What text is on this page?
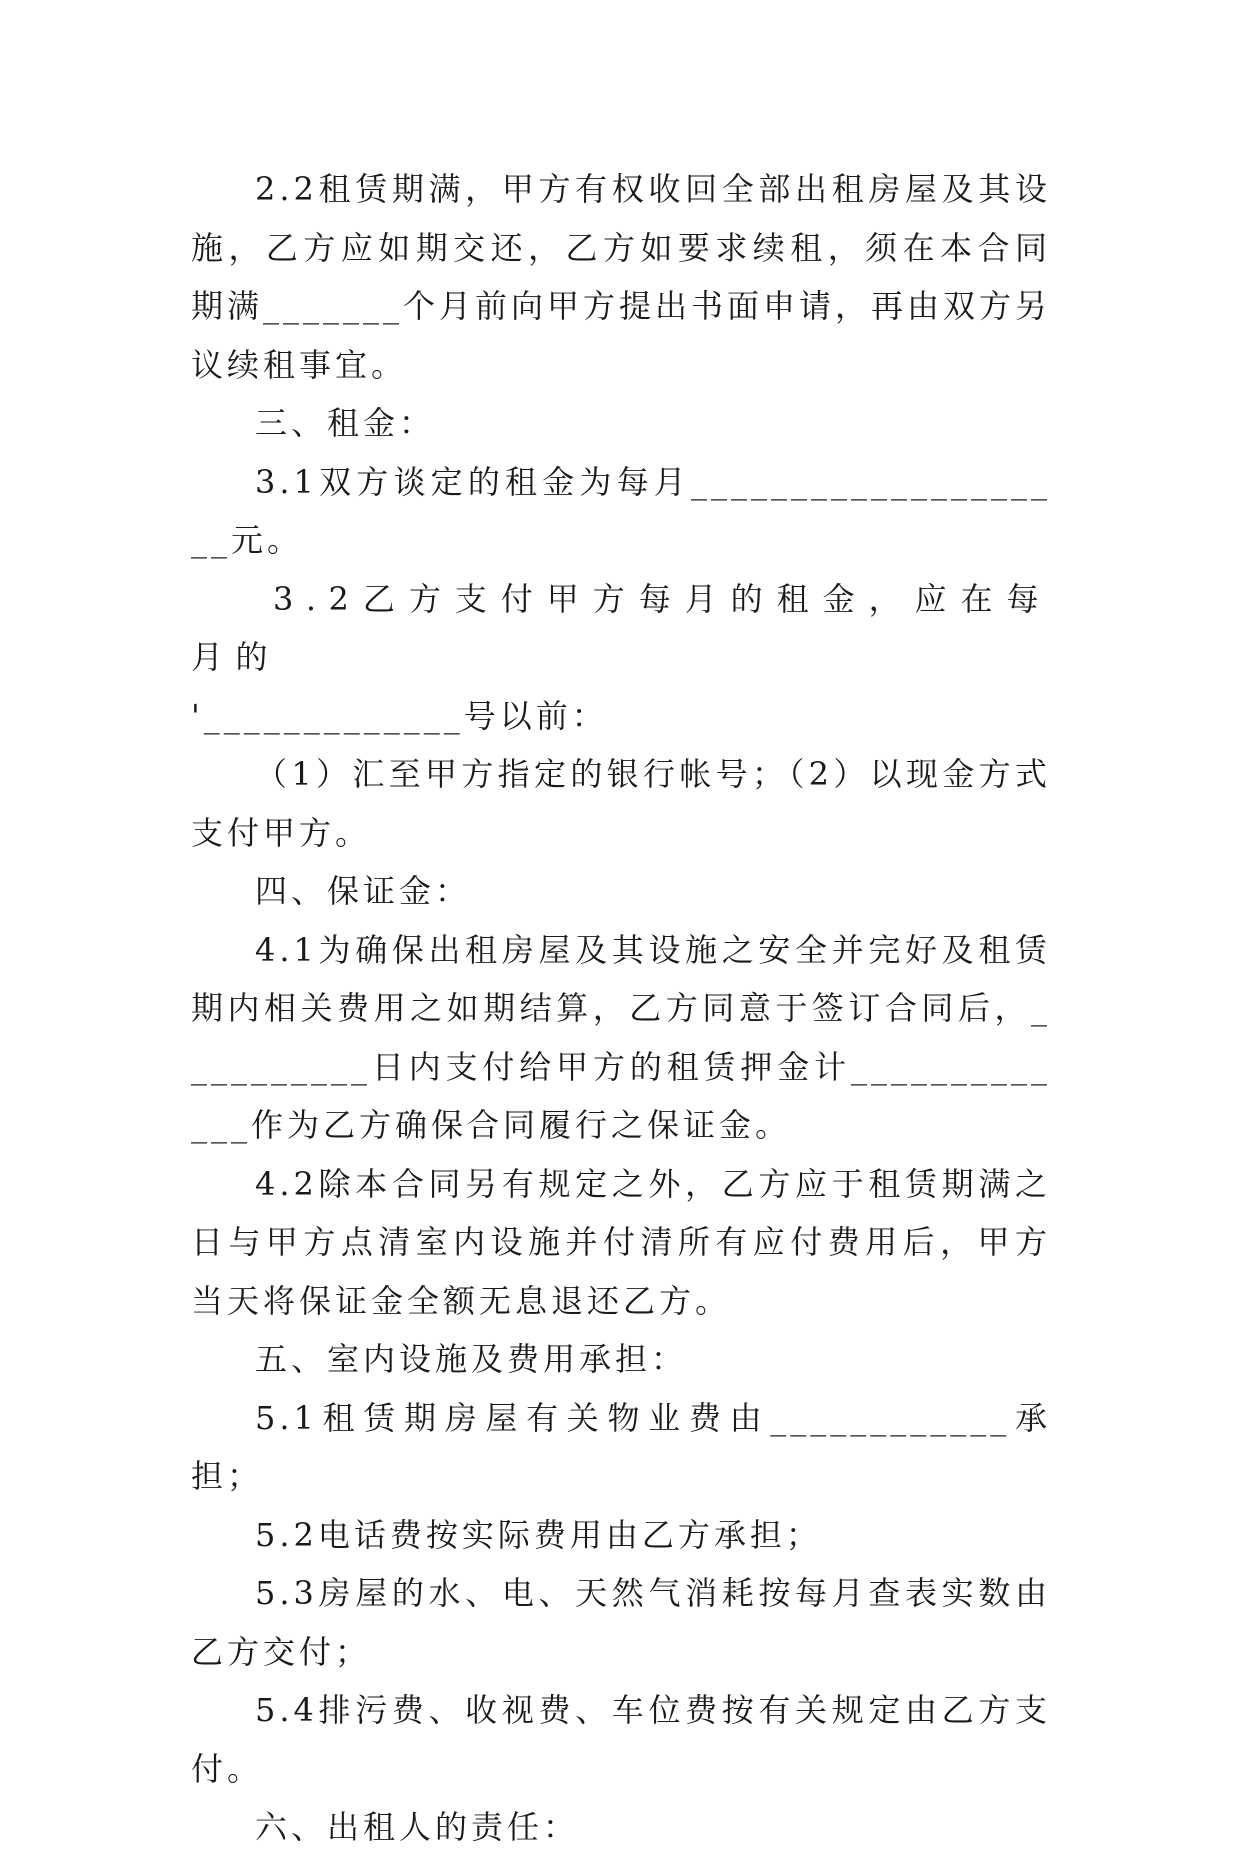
2.2租赁期满，甲方有权收回全部出租房屋及其设施，乙方应如期交还，乙方如要求续租，须在本合同期满_______个月前向甲方提出书面申请，再由双方另议续租事宜。

三、租金：

3.1双方谈定的租金为每月____________________元。

3.2乙方支付甲方每月的租金，应在每月的
'_____________号以前：

（1）汇至甲方指定的银行帐号；（2）以现金方式支付甲方。

四、保证金：

4.1为确保出租房屋及其设施之安全并完好及租赁期内相关费用之如期结算，乙方同意于签订合同后，__________日内支付给甲方的租赁押金计_____________作为乙方确保合同履行之保证金。

4.2除本合同另有规定之外，乙方应于租赁期满之日与甲方点清室内设施并付清所有应付费用后，甲方当天将保证金全额无息退还乙方。

五、室内设施及费用承担：

5.1租赁期房屋有关物业费由____________承担；

5.2电话费按实际费用由乙方承担；

5.3房屋的水、电、天然气消耗按每月查表实数由乙方交付；

5.4排污费、收视费、车位费按有关规定由乙方支付。

六、出租人的责任：
